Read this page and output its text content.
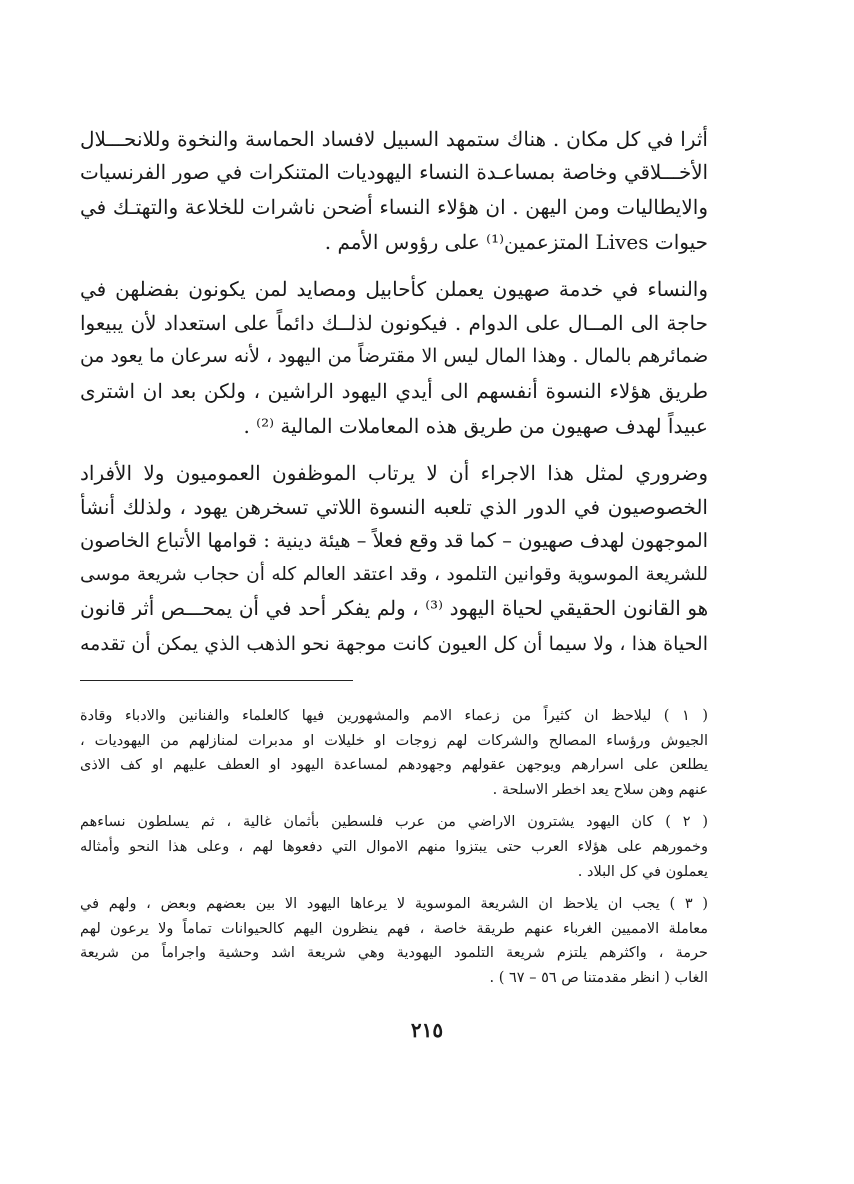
أثرا في كل مكان . هناك ستمهد السبيل لافساد الحماسة والنخوة وللانحـــلال
الأخـــلاقي وخاصة بمساعـدة النساء اليهوديات المتنكرات في صور الفرنسيات
والايطاليات ومن اليهن . ان هؤلاء النساء أضحن ناشرات للخلاعة والتهتـك في
حيوات Lives المتزعمين⁽¹⁾ على رؤوس الأمم .
والنساء في خدمة صهيون يعملن كأحابيل ومصايد لمن يكونون بفضلهن في
حاجة الى المــال على الدوام . فيكونون لذلــك دائماً على استعداد لأن يبيعوا
ضمائرهم بالمال . وهذا المال ليس الا مقترضاً من اليهود ، لأنه سرعان ما يعود من
طريق هؤلاء النسوة أنفسهم الى أيدي اليهود الراشين ، ولكن بعد ان اشترى
عبيداً لهدف صهيون من طريق هذه المعاملات المالية ⁽²⁾ .
وضروري لمثل هذا الاجراء أن لا يرتاب الموظفون العموميون ولا الأفراد
الخصوصيون في الدور الذي تلعبه النسوة اللاتي تسخرهن يهود ، ولذلك أنشأ
الموجهون لهدف صهيون – كما قد وقع فعلاً – هيئة دينية : قوامها الأتباع الخاصون
للشريعة الموسوية وقوانين التلمود ، وقد اعتقد العالم كله أن حجاب شريعة موسى
هو القانون الحقيقي لحياة اليهود ⁽³⁾ ، ولم يفكر أحد في أن يمحـــص أثر قانون
الحياة هذا ، ولا سيما أن كل العيون كانت موجهة نحو الذهب الذي يمكن أن تقدمه
( ١ ) ليلاحظ ان كثيراً من زعماء الامم والمشهورين فيها كالعلماء والفنانين والادباء وقادة
الجيوش ورؤساء المصالح والشركات لهم زوجات او خليلات او مدبرات لمنازلهم من اليهوديات ،
يطلعن على اسرارهم ويوجهن عقولهم وجهودهم لمساعدة اليهود او العطف عليهم او كف الاذى
عنهم وهن سلاح يعد اخطر الاسلحة .
( ٢ ) كان اليهود يشترون الاراضي من عرب فلسطين بأثمان غالية ، ثم يسلطون نساءهم
وخمورهم على هؤلاء العرب حتى يبتزوا منهم الاموال التي دفعوها لهم ، وعلى هذا النحو وأمثاله
يعملون في كل البلاد .
( ٣ ) يجب ان يلاحظ ان الشريعة الموسوية لا يرعاها اليهود الا بين بعضهم وبعض ، ولهم في
معاملة الامميين الغرباء عنهم طريقة خاصة ، فهم ينظرون اليهم كالحيوانات تماماً ولا يرعون لهم
حرمة ، واكثرهم يلتزم شريعة التلمود اليهودية وهي شريعة اشد وحشية واجراماً من شريعة
الغاب ( انظر مقدمتنا ص ٥٦ – ٦٧ ) .
٢١٥
